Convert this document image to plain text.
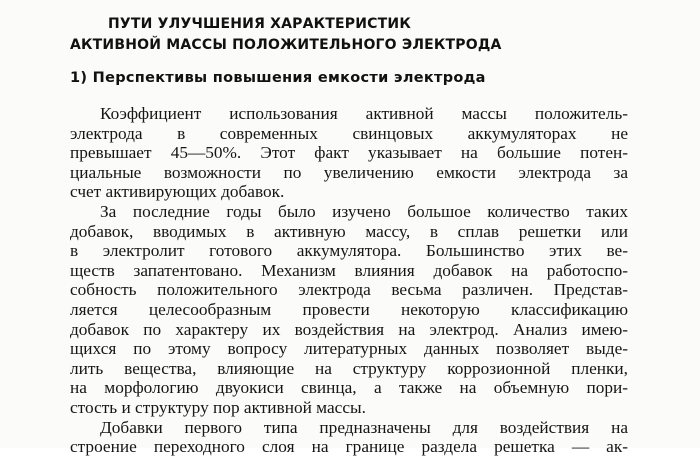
ПУТИ УЛУЧШЕНИЯ ХАРАКТЕРИСТИК
АКТИВНОЙ МАССЫ ПОЛОЖИТЕЛЬНОГО ЭЛЕКТРОДА
1) Перспективы повышения емкости электрода
Коэффициент использования активной массы положитель-
электрода в современных свинцовых аккумуляторах не
превышает 45—50%. Этот факт указывает на большие потен-
циальные возможности по увеличению емкости электрода за
счет активирующих добавок.
За последние годы было изучено большое количество таких
добавок, вводимых в активную массу, в сплав решетки или
в электролит готового аккумулятора. Большинство этих ве-
ществ запатентовано. Механизм влияния добавок на работоспо-
собность положительного электрода весьма различен. Представ-
ляется целесообразным провести некоторую классификацию
добавок по характеру их воздействия на электрод. Анализ имею-
щихся по этому вопросу литературных данных позволяет выде-
лить вещества, влияющие на структуру коррозионной пленки,
на морфологию двуокиси свинца, а также на объемную пори-
стость и структуру пор активной массы.
Добавки первого типа предназначены для воздействия на
строение переходного слоя на границе раздела решетка — ак-
